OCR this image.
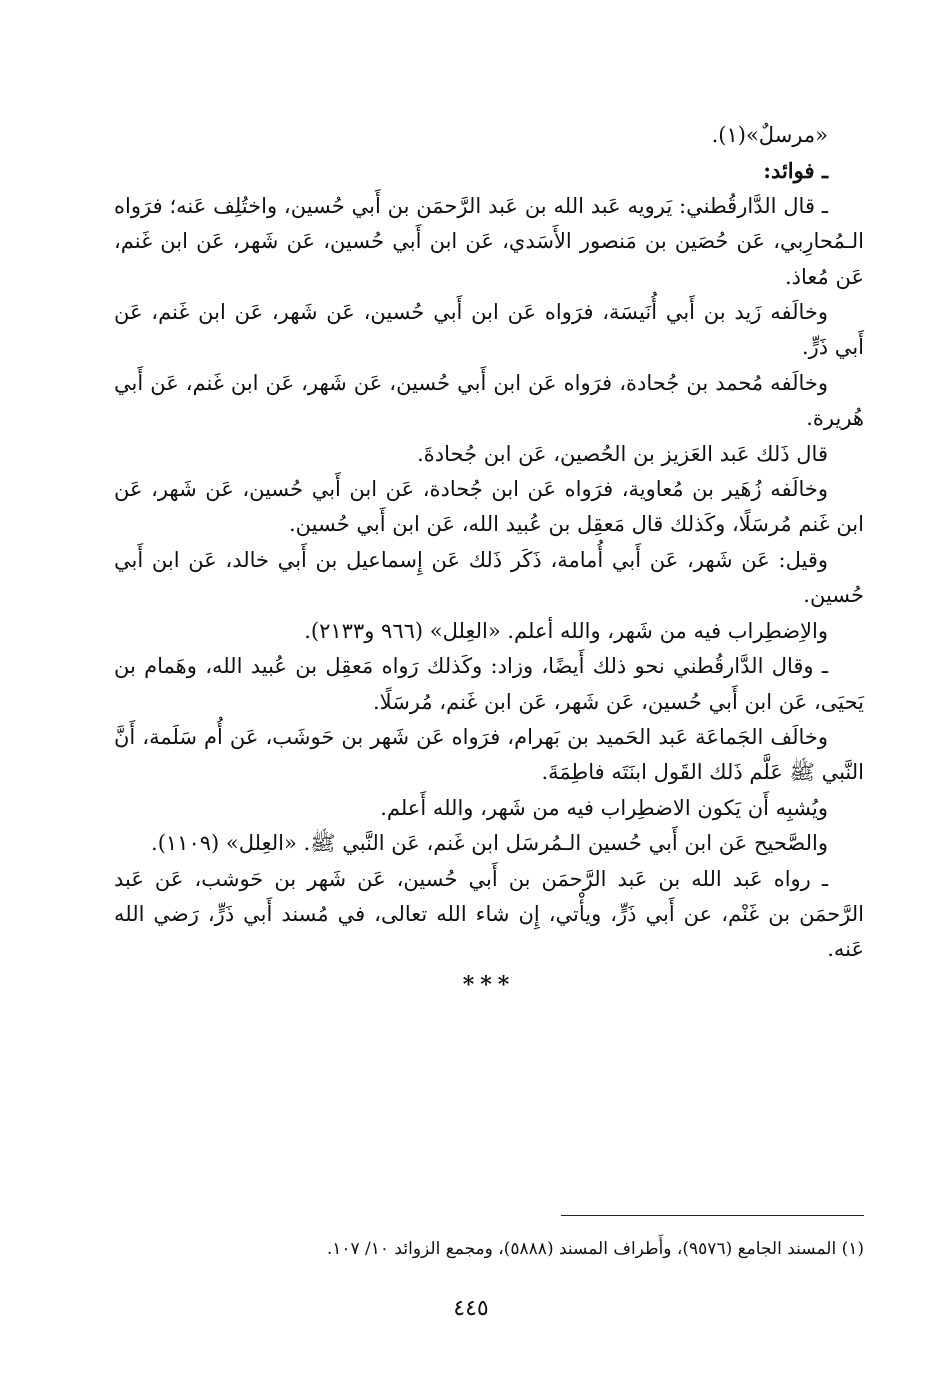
«مرسلٌ»(١).

ـ فوائد:

ـ قال الدَّارقُطني: يَرويه عَبد الله بن عَبد الرَّحمَن بن أَبي حُسين، واختُلِف عَنه؛ فرَواه الـمُحارِبي، عَن حُصَين بن مَنصور الأَسَدي، عَن ابن أَبي حُسين، عَن شَهر، عَن ابن غَنم، عَن مُعاذ.

وخالَفه زَيد بن أَبي أُنَيسَة، فرَواه عَن ابن أَبي حُسين، عَن شَهر، عَن ابن غَنم، عَن أَبي ذَرٍّ.

وخالَفه مُحمد بن جُحادة، فرَواه عَن ابن أَبي حُسين، عَن شَهر، عَن ابن غَنم، عَن أَبي هُريرة.

قال ذَلك عَبد العَزيز بن الحُصين، عَن ابن جُحادةَ.

وخالَفه زُهَير بن مُعاوية، فرَواه عَن ابن جُحادة، عَن ابن أَبي حُسين، عَن شَهر، عَن ابن غَنم مُرسَلًا، وكَذلك قال مَعقِل بن عُبيد الله، عَن ابن أَبي حُسين.

وقيل: عَن شَهر، عَن أَبي أُمامة، ذَكَر ذَلك عَن إِسماعيل بن أَبي خالد، عَن ابن أَبي حُسين.

والاِضطِراب فيه من شَهر، والله أعلم. «العِلل» (٩٦٦ و٢١٣٣).

ـ وقال الدَّارقُطني نحو ذلك أَيضًا، وزاد: وكَذلك رَواه مَعقِل بن عُبيد الله، وهَمام بن يَحيَى، عَن ابن أَبي حُسين، عَن شَهر، عَن ابن غَنم، مُرسَلًا.

وخالَف الجَماعَة عَبد الحَميد بن بَهرام، فرَواه عَن شَهر بن حَوشَب، عَن أُم سَلَمة، أَنَّ النَّبي ﷺ عَلَّم ذَلك القَول ابنَتَه فاطِمَةَ.

ويُشبِه أَن يَكون الاضطِراب فيه من شَهر، والله أَعلم.

والصَّحيح عَن ابن أَبي حُسين الـمُرسَل ابن غَنم، عَن النَّبي ﷺ. «العِلل» (١١٠٩).

ـ رواه عَبد الله بن عَبد الرَّحمَن بن أَبي حُسين، عَن شَهر بن حَوشب، عَن عَبد الرَّحمَن بن غَنْم، عن أَبي ذَرٍّ، ويأْتي، إِن شاء الله تعالى، في مُسند أَبي ذَرٍّ، رَضي الله عَنه.

***

(١) المسند الجامع (٩٥٧٦)، وأَطراف المسند (٥٨٨٨)، ومجمع الزوائد ١٠/ ١٠٧.
٤٤٥
